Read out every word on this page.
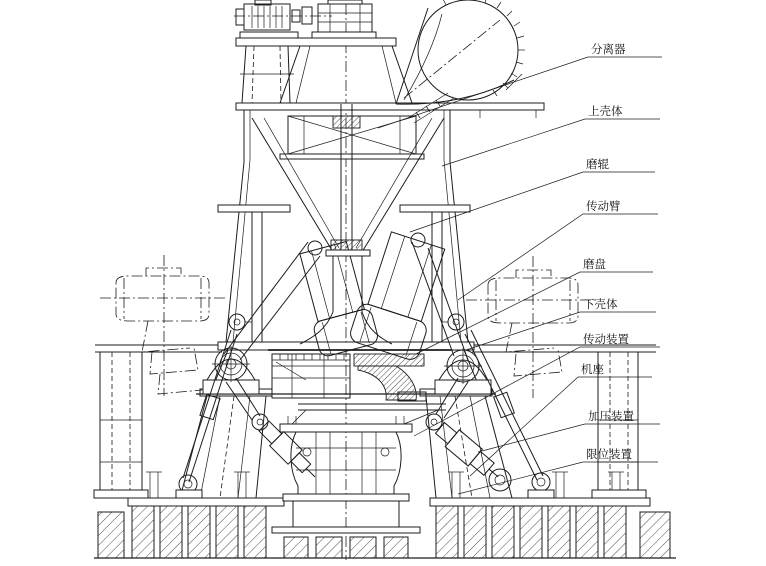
分离器
上壳体
磨辊
传动臂
磨盘
下壳体
传动装置
机座
加压装置
限位装置
